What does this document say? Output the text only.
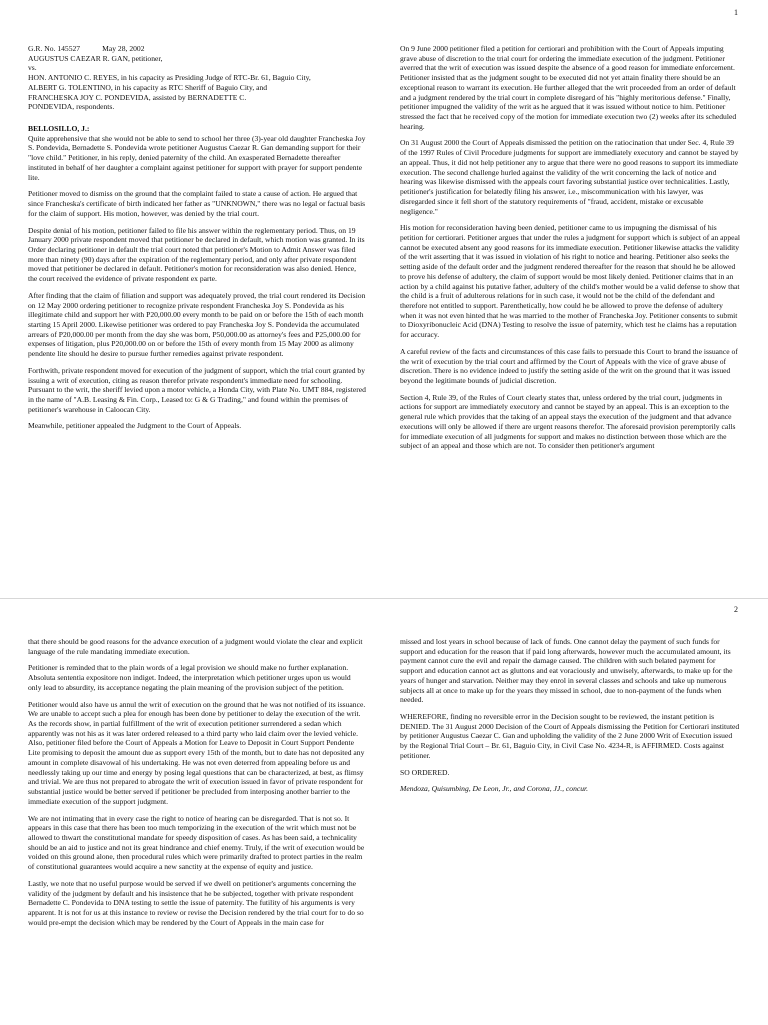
1

G.R. No. 145527	May 28, 2002

AUGUSTUS CAEZAR R. GAN, petitioner,

vs.

HON. ANTONIO C. REYES, in his capacity as Presiding Judge of RTC-Br. 61, Baguio City,

ALBERT G. TOLENTINO, in his capacity as RTC Sheriff of Baguio City, and

FRANCHESKA JOY C. PONDEVIDA, assisted by BERNADETTE C.

PONDEVIDA, respondents.

BELLOSILLO, J.:

Quite apprehensive that she would not be able to send to school her three (3)-year old daughter Francheska Joy S. Pondevida, Bernadette S. Pondevida wrote petitioner Augustus Caezar R. Gan demanding support for their "love child." Petitioner, in his reply, denied paternity of the child. An exasperated Bernadette thereafter instituted in behalf of her daughter a complaint against petitioner for support with prayer for support pendente lite.

Petitioner moved to dismiss on the ground that the complaint failed to state a cause of action. He argued that since Francheska's certificate of birth indicated her father as "UNKNOWN," there was no legal or factual basis for the claim of support. His motion, however, was denied by the trial court.

Despite denial of his motion, petitioner failed to file his answer within the reglementary period. Thus, on 19 January 2000 private respondent moved that petitioner be declared in default, which motion was granted. In its Order declaring petitioner in default the trial court noted that petitioner's Motion to Admit Answer was filed more than ninety (90) days after the expiration of the reglementary period, and only after private respondent moved that petitioner be declared in default. Petitioner's motion for reconsideration was also denied. Hence, the court received the evidence of private respondent ex parte.

After finding that the claim of filiation and support was adequately proved, the trial court rendered its Decision on 12 May 2000 ordering petitioner to recognize private respondent Francheska Joy S. Pondevida as his illegitimate child and support her with P20,000.00 every month to be paid on or before the 15th of each month starting 15 April 2000. Likewise petitioner was ordered to pay Francheska Joy S. Pondevida the accumulated arrears of P20,000.00 per month from the day she was born, P50,000.00 as attorney's fees and P25,000.00 for expenses of litigation, plus P20,000.00 on or before the 15th of every month from 15 May 2000 as alimony pendente lite should he desire to pursue further remedies against private respondent.

Forthwith, private respondent moved for execution of the judgment of support, which the trial court granted by issuing a writ of execution, citing as reason therefor private respondent's immediate need for schooling. Pursuant to the writ, the sheriff levied upon a motor vehicle, a Honda City, with Plate No. UMT 884, registered in the name of "A.B. Leasing & Fin. Corp., Leased to: G & G Trading," and found within the premises of petitioner's warehouse in Caloocan City.

Meanwhile, petitioner appealed the Judgment to the Court of Appeals.

On 9 June 2000 petitioner filed a petition for certiorari and prohibition with the Court of Appeals imputing grave abuse of discretion to the trial court for ordering the immediate execution of the judgment. Petitioner averred that the writ of execution was issued despite the absence of a good reason for immediate enforcement. Petitioner insisted that as the judgment sought to be executed did not yet attain finality there should be an exceptional reason to warrant its execution. He further alleged that the writ proceeded from an order of default and a judgment rendered by the trial court in complete disregard of his "highly meritorious defense." Finally, petitioner impugned the validity of the writ as he argued that it was issued without notice to him. Petitioner stressed the fact that he received copy of the motion for immediate execution two (2) weeks after its scheduled hearing.

On 31 August 2000 the Court of Appeals dismissed the petition on the ratiocination that under Sec. 4, Rule 39 of the 1997 Rules of Civil Procedure judgments for support are immediately executory and cannot be stayed by an appeal. Thus, it did not help petitioner any to argue that there were no good reasons to support its immediate execution. The second challenge hurled against the validity of the writ concerning the lack of notice and hearing was likewise dismissed with the appeals court favoring substantial justice over technicalities. Lastly, petitioner's justification for belatedly filing his answer, i.e., miscommunication with his lawyer, was disregarded since it fell short of the statutory requirements of "fraud, accident, mistake or excusable negligence."

His motion for reconsideration having been denied, petitioner came to us impugning the dismissal of his petition for certiorari. Petitioner argues that under the rules a judgment for support which is subject of an appeal cannot be executed absent any good reasons for its immediate execution. Petitioner likewise attacks the validity of the writ asserting that it was issued in violation of his right to notice and hearing. Petitioner also seeks the setting aside of the default order and the judgment rendered thereafter for the reason that should he be allowed to prove his defense of adultery, the claim of support would be most likely denied. Petitioner claims that in an action by a child against his putative father, adultery of the child's mother would be a valid defense to show that the child is a fruit of adulterous relations for in such case, it would not be the child of the defendant and therefore not entitled to support. Parenthetically, how could he be allowed to prove the defense of adultery when it was not even hinted that he was married to the mother of Francheska Joy. Petitioner consents to submit to Dioxyribonucleic Acid (DNA) Testing to resolve the issue of paternity, which test he claims has a reputation for accuracy.

A careful review of the facts and circumstances of this case fails to persuade this Court to brand the issuance of the writ of execution by the trial court and affirmed by the Court of Appeals with the vice of grave abuse of discretion. There is no evidence indeed to justify the setting aside of the writ on the ground that it was issued beyond the legitimate bounds of judicial discretion.

Section 4, Rule 39, of the Rules of Court clearly states that, unless ordered by the trial court, judgments in actions for support are immediately executory and cannot be stayed by an appeal. This is an exception to the general rule which provides that the taking of an appeal stays the execution of the judgment and that advance executions will only be allowed if there are urgent reasons therefor. The aforesaid provision peremptorily calls for immediate execution of all judgments for support and makes no distinction between those which are the subject of an appeal and those which are not. To consider then petitioner's argument

2

that there should be good reasons for the advance execution of a judgment would violate the clear and explicit language of the rule mandating immediate execution.

Petitioner is reminded that to the plain words of a legal provision we should make no further explanation. Absoluta sententia expositore non indiget. Indeed, the interpretation which petitioner urges upon us would only lead to absurdity, its acceptance negating the plain meaning of the provision subject of the petition.

Petitioner would also have us annul the writ of execution on the ground that he was not notified of its issuance. We are unable to accept such a plea for enough has been done by petitioner to delay the execution of the writ. As the records show, in partial fulfillment of the writ of execution petitioner surrendered a sedan which apparently was not his as it was later ordered released to a third party who laid claim over the levied vehicle. Also, petitioner filed before the Court of Appeals a Motion for Leave to Deposit in Court Support Pendente Lite promising to deposit the amount due as support every 15th of the month, but to date has not deposited any amount in complete disavowal of his undertaking. He was not even deterred from appealing before us and needlessly taking up our time and energy by posing legal questions that can be characterized, at best, as flimsy and trivial. We are thus not prepared to abrogate the writ of execution issued in favor of private respondent for substantial justice would be better served if petitioner be precluded from interposing another barrier to the immediate execution of the support judgment.

We are not intimating that in every case the right to notice of hearing can be disregarded. That is not so. It appears in this case that there has been too much temporizing in the execution of the writ which must not be allowed to thwart the constitutional mandate for speedy disposition of cases. As has been said, a technicality should be an aid to justice and not its great hindrance and chief enemy. Truly, if the writ of execution would be voided on this ground alone, then procedural rules which were primarily drafted to protect parties in the realm of constitutional guarantees would acquire a new sanctity at the expense of equity and justice.

Lastly, we note that no useful purpose would be served if we dwell on petitioner's arguments concerning the validity of the judgment by default and his insistence that he be subjected, together with private respondent Bernadette C. Pondevida to DNA testing to settle the issue of paternity. The futility of his arguments is very apparent. It is not for us at this instance to review or revise the Decision rendered by the trial court for to do so would pre-empt the decision which may be rendered by the Court of Appeals in the main case for

missed and lost years in school because of lack of funds. One cannot delay the payment of such funds for support and education for the reason that if paid long afterwards, however much the accumulated amount, its payment cannot cure the evil and repair the damage caused. The children with such belated payment for support and education cannot act as gluttons and eat voraciously and unwisely, afterwards, to make up for the years of hunger and starvation. Neither may they enrol in several classes and schools and take up numerous subjects all at once to make up for the years they missed in school, due to non-payment of the funds when needed.

WHEREFORE, finding no reversible error in the Decision sought to be reviewed, the instant petition is DENIED. The 31 August 2000 Decision of the Court of Appeals dismissing the Petition for Certiorari instituted by petitioner Augustus Caezar C. Gan and upholding the validity of the 2 June 2000 Writ of Execution issued by the Regional Trial Court – Br. 61, Baguio City, in Civil Case No. 4234-R, is AFFIRMED. Costs against petitioner.

SO ORDERED.

Mendoza, Quisumbing, De Leon, Jr., and Corona, JJ., concur.
